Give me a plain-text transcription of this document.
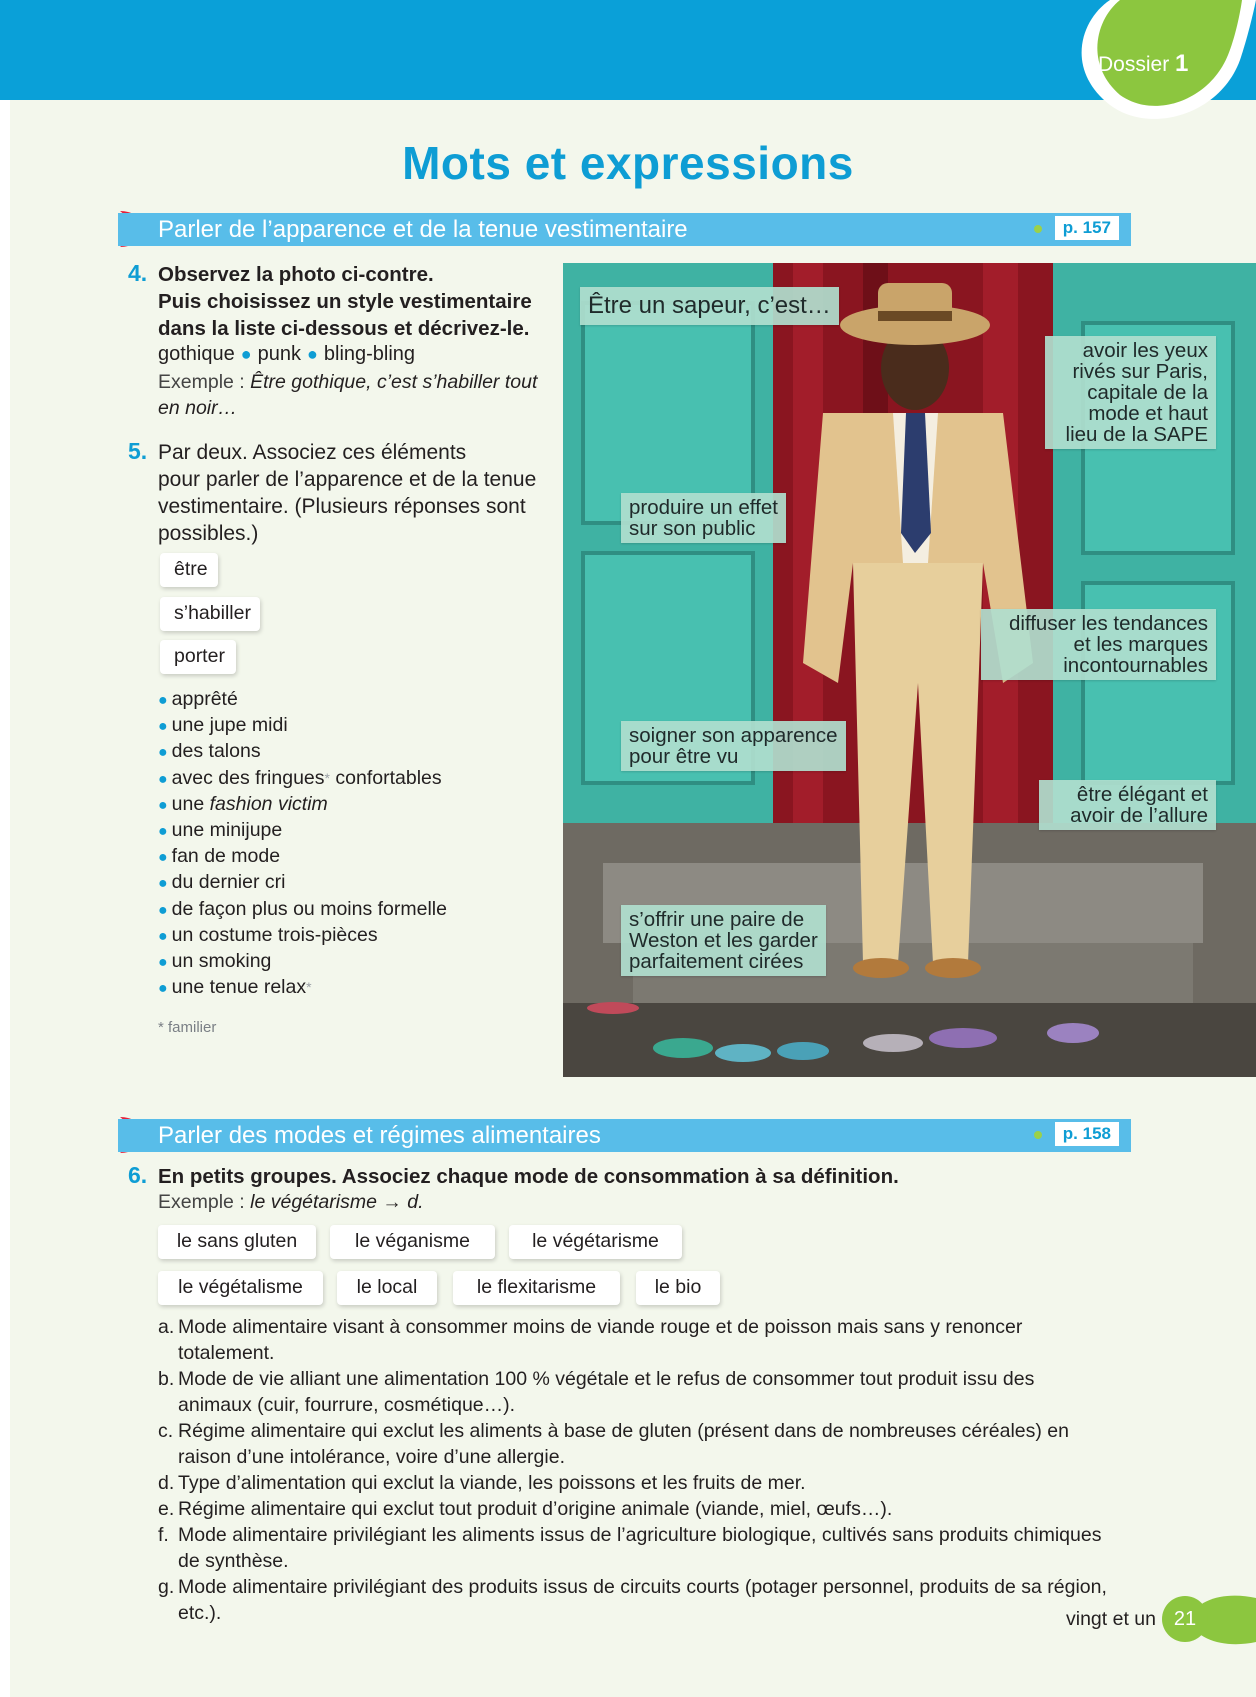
Dossier 1
Mots et expressions
Parler de l’apparence et de la tenue vestimentaire	p. 157
4. Observez la photo ci-contre.
Puis choisissez un style vestimentaire
dans la liste ci-dessous et décrivez-le.
gothique ● punk ● bling-bling
Exemple : Être gothique, c’est s’habiller tout
en noir…
5. Par deux. Associez ces éléments
pour parler de l’apparence et de la tenue
vestimentaire. (Plusieurs réponses sont
possibles.)
être
s’habiller
porter
● apprêté
● une jupe midi
● des talons
● avec des fringues* confortables
● une fashion victim
● une minijupe
● fan de mode
● du dernier cri
● de façon plus ou moins formelle
● un costume trois-pièces
● un smoking
● une tenue relax*
* familier
Être un sapeur, c’est…
avoir les yeux
rivés sur Paris,
capitale de la
mode et haut
lieu de la SAPE
produire un effet
sur son public
diffuser les tendances
et les marques
incontournables
soigner son apparence
pour être vu
être élégant et
avoir de l’allure
s’offrir une paire de
Weston et les garder
parfaitement cirées
Parler des modes et régimes alimentaires	p. 158
6. En petits groupes. Associez chaque mode de consommation à sa définition.
Exemple : le végétarisme → d.
le sans gluten	le véganisme	le végétarisme
le végétalisme	le local	le flexitarisme	le bio
a. Mode alimentaire visant à consommer moins de viande rouge et de poisson mais sans y renoncer totalement.
b. Mode de vie alliant une alimentation 100 % végétale et le refus de consommer tout produit issu des animaux (cuir, fourrure, cosmétique…).
c. Régime alimentaire qui exclut les aliments à base de gluten (présent dans de nombreuses céréales) en raison d’une intolérance, voire d’une allergie.
d. Type d’alimentation qui exclut la viande, les poissons et les fruits de mer.
e. Régime alimentaire qui exclut tout produit d’origine animale (viande, miel, œufs…).
f. Mode alimentaire privilégiant les aliments issus de l’agriculture biologique, cultivés sans produits chimiques de synthèse.
g. Mode alimentaire privilégiant des produits issus de circuits courts (potager personnel, produits de sa région, etc.).	vingt et un 21
